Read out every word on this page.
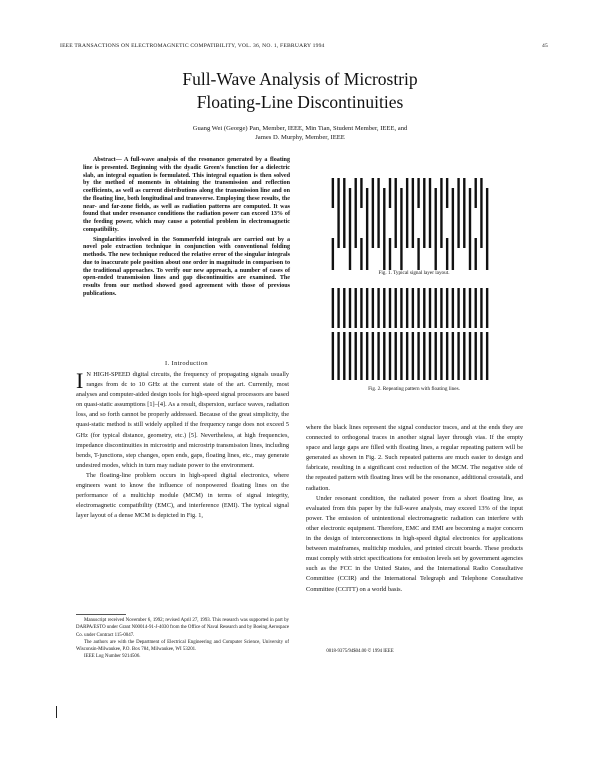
IEEE TRANSACTIONS ON ELECTROMAGNETIC COMPATIBILITY, VOL. 36, NO. 1, FEBRUARY 1994	45
Full-Wave Analysis of Microstrip
Floating-Line Discontinuities
Guang Wei (George) Pan, Member, IEEE, Min Tian, Student Member, IEEE, and
James D. Murphy, Member, IEEE

Abstract— A full-wave analysis of the resonance generated by a floating line is presented. Beginning with the dyadic Green's function for a dielectric slab, an integral equation is formulated. This integral equation is then solved by the method of moments in obtaining the transmission and reflection coefficients, as well as current distributions along the transmission line and on the floating line, both longitudinal and transverse. Employing these results, the near- and far-zone fields, as well as radiation patterns are computed. It was found that under resonance conditions the radiation power can exceed 13% of the feeding power, which may cause a potential problem in electromagnetic compatibility.

Singularities involved in the Sommerfeld integrals are carried out by a novel pole extraction technique in conjunction with conventional folding methods. The new technique reduced the relative error of the singular integrals due to inaccurate pole position about one order in magnitude in comparison to the traditional approaches. To verify our new approach, a number of cases of open-ended transmission lines and gap discontinuities are examined. The results from our method showed good agreement with those of previous publications.

I. Introduction

I N HIGH-SPEED digital circuits, the frequency of propagating signals usually ranges from dc to 10 GHz at the current state of the art. Currently, most analyses and computer-aided design tools for high-speed signal processors are based on quasi-static assumptions [1]–[4]. As a result, dispersion, surface waves, radiation loss, and so forth cannot be properly addressed. Because of the great simplicity, the quasi-static method is still widely applied if the frequency range does not exceed 5 GHz (for typical distance, geometry, etc.) [5]. Nevertheless, at high frequencies, impedance discontinuities in microstrip and microstrip transmission lines, including bends, T-junctions, step changes, open ends, gaps, floating lines, etc., may generate undesired modes, which in turn may radiate power to the environment.

The floating-line problem occurs in high-speed digital electronics, where engineers want to know the influence of nonpowered floating lines on the performance of a multichip module (MCM) in terms of signal integrity, electromagnetic compatibility (EMC), and interference (EMI). The typical signal layer layout of a dense MCM is depicted in Fig. 1,

Manuscript received November 6, 1992; revised April 27, 1993. This research was supported in part by DARPA/ESTO under Grant N00014-91-J-4030 from the Office of Naval Research and by Boeing Aerospace Co. under Contract 115-0047.

The authors are with the Department of Electrical Engineering and Computer Science, University of Wisconsin-Milwaukee, P.O. Box 784, Milwaukee, WI 53201.

IEEE Log Number 9214506.

Fig. 1. Typical signal layer layout.
Fig. 2. Repeating pattern with floating lines.

where the black lines represent the signal conductor traces, and at the ends they are connected to orthogonal traces in another signal layer through vias. If the empty space and large gaps are filled with floating lines, a regular repeating pattern will be generated as shown in Fig. 2. Such repeated patterns are much easier to design and fabricate, resulting in a significant cost reduction of the MCM. The negative side of the repeated pattern with floating lines will be the resonance, additional crosstalk, and radiation.

Under resonant condition, the radiated power from a short floating line, as evaluated from this paper by the full-wave analysis, may exceed 13% of the input power. The emission of unintentional electromagnetic radiation can interfere with other electronic equipment. Therefore, EMC and EMI are becoming a major concern in the design of interconnections in high-speed digital electronics for applications between mainframes, multichip modules, and printed circuit boards. These products must comply with strict specifications for emission levels set by government agencies such as the FCC in the United States, and the International Radio Consultative Committee (CCIR) and the International Telegraph and Telephone Consultative Committee (CCITT) on a world basis.

0018-9375/94$04.00 © 1994 IEEE
